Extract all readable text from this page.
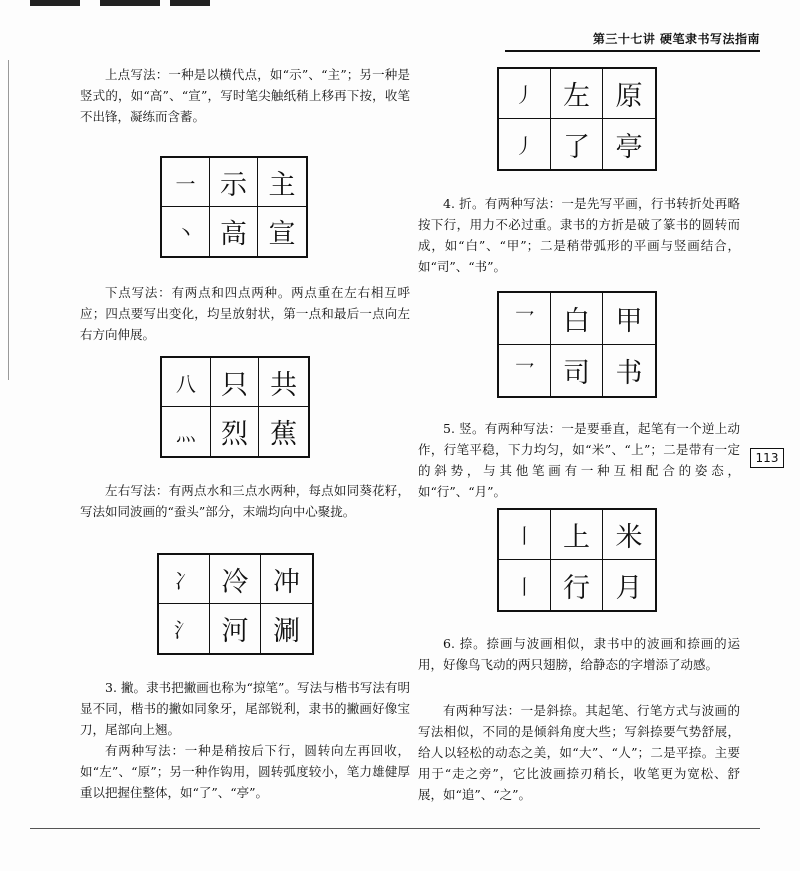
第三十七讲 硬笔隶书写法指南
113

上点写法：一种是以横代点，如“示”、“主”；另一种是竖式的，如“高”、“宣”，写时笔尖触纸稍上移再下按，收笔不出锋，凝练而含蓄。

一 示 主
丶 高 宣

下点写法：有两点和四点两种。两点重在左右相互呼应；四点要写出变化，均呈放射状，第一点和最后一点向左右方向伸展。

八 只 共
灬 烈 蕉

左右写法：有两点水和三点水两种，每点如同葵花籽，写法如同波画的“蚕头”部分，末端均向中心聚拢。

冫	冷 冲
氵	河 涮

3. 撇。隶书把撇画也称为“掠笔”。写法与楷书写法有明显不同，楷书的撇如同象牙，尾部锐利，隶书的撇画好像宝刀，尾部向上翘。

有两种写法：一种是稍按后下行，圆转向左再回收，如“左”、“原”；另一种作钩用，圆转弧度较小，笔力雄健厚重以把握住整体，如“了”、“亭”。

丿	左 原
丿	了 亭

4. 折。有两种写法：一是先写平画，行书转折处再略按下行，用力不必过重。隶书的方折是破了篆书的圆转而成，如“白”、“甲”；二是稍带弧形的平画与竖画结合，如“司”、“书”。

乛	白 甲
乛	司 书

5. 竖。有两种写法：一是要垂直，起笔有一个逆上动作，行笔平稳，下力均匀，如“米”、“上”；二是带有一定的斜势，与其他笔画有一种互相配合的姿态，如“行”、“月”。

丨	上 米
丨	行 月

6. 捺。捺画与波画相似，隶书中的波画和捺画的运用，好像鸟飞动的两只翅膀，给静态的字增添了动感。

有两种写法：一是斜捺。其起笔、行笔方式与波画的写法相似，不同的是倾斜角度大些；写斜捺要气势舒展，给人以轻松的动态之美，如“大”、“人”；二是平捺。主要用于“走之旁”，它比波画捺刃稍长，收笔更为宽松、舒展，如“追”、“之”。
